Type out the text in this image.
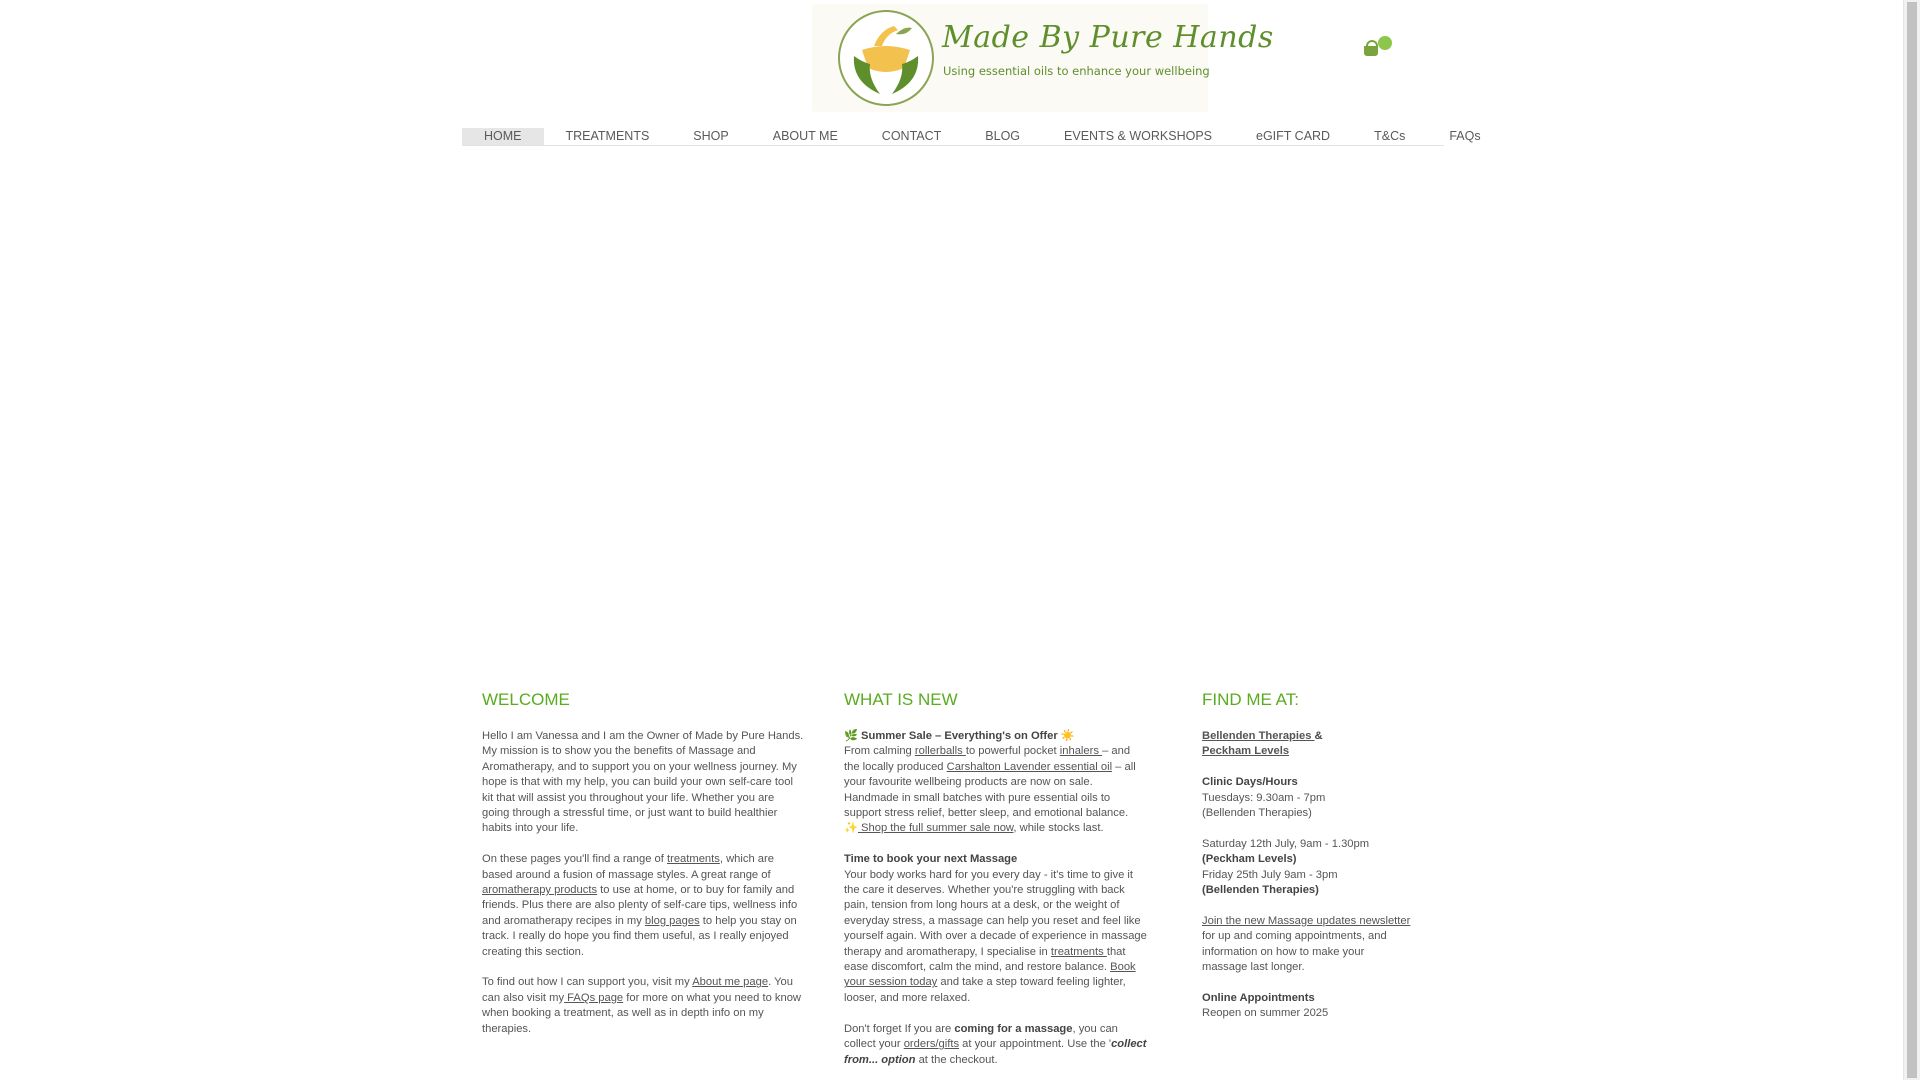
Made By Pure Hands
Using essential oils to enhance your wellbeing
0
HOME	TREATMENTS	SHOP	ABOUT ME	CONTACT	BLOG	EVENTS & WORKSHOPS	eGIFT CARD	T&Cs	FAQs
WELCOME

Hello I am Vanessa and I am the Owner of Made by Pure Hands. My mission is to show you the benefits of Massage and Aromatherapy, and to support you on your wellness journey. My hope is that with my help, you can build your own self-care tool kit that will assist you throughout your life. Whether you are going through a stressful time, or just want to build healthier habits into your life.

On these pages you'll find a range of treatments, which are based around a fusion of massage styles. A great range of aromatherapy products to use at home, or to buy for family and friends. Plus there are also plenty of self-care tips, wellness info and aromatherapy recipes in my blog pages to help you stay on track. I really do hope you find them useful, as I really enjoyed creating this section.

To find out how I can support you, visit my About me page. You can also visit my FAQs page for more on what you need to know when booking a treatment, as well as in depth info on my therapies.

WHAT IS NEW

🌿 Summer Sale – Everything's on Offer ☀️
From calming rollerballs to powerful pocket inhalers – and the locally produced Carshalton Lavender essential oil – all your favourite wellbeing products are now on sale. Handmade in small batches with pure essential oils to support stress relief, better sleep, and emotional balance.
✨ Shop the full summer sale now, while stocks last.

Time to book your next Massage
Your body works hard for you every day - it's time to give it the care it deserves. Whether you're struggling with back pain, tension from long hours at a desk, or the weight of everyday stress, a massage can help you reset and feel like yourself again. With over a decade of experience in massage therapy and aromatherapy, I specialise in treatments that ease discomfort, calm the mind, and restore balance. Book your session today and take a step toward feeling lighter, looser, and more relaxed.

Don't forget If you are coming for a massage, you can collect your orders/gifts at your appointment. Use the 'collect from... option at the checkout.

FIND ME AT:

Bellenden Therapies &
Peckham Levels

Clinic Days/Hours
Tuesdays: 9.30am - 7pm
(Bellenden Therapies)

Saturday 12th July, 9am - 1.30pm
(Peckham Levels)
Friday 25th July 9am - 3pm
(Bellenden Therapies)

Join the new Massage updates newsletter for up and coming appointments, and information on how to make your massage last longer.

Online Appointments
Reopen on summer 2025
